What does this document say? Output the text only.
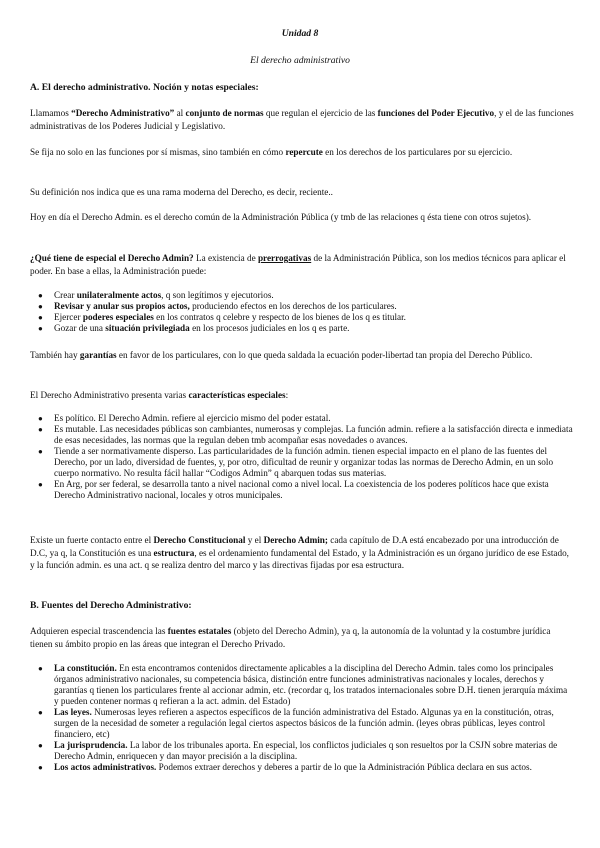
Unidad 8
El derecho administrativo
A. El derecho administrativo. Noción y notas especiales:

Llamamos “Derecho Administrativo” al conjunto de normas que regulan el ejercicio de las funciones del Poder Ejecutivo, y el de las funciones administrativas de los Poderes Judicial y Legislativo.

Se fija no solo en las funciones por sí mismas, sino también en cómo repercute en los derechos de los particulares por su ejercicio.

Su definición nos indica que es una rama moderna del Derecho, es decir, reciente..

Hoy en día el Derecho Admin. es el derecho común de la Administración Pública (y tmb de las relaciones q ésta tiene con otros sujetos).

¿Qué tiene de especial el Derecho Admin? La existencia de prerrogativas de la Administración Pública, son los medios técnicos para aplicar el poder. En base a ellas, la Administración puede:

● Crear unilateralmente actos, q son legítimos y ejecutorios.
● Revisar y anular sus propios actos, produciendo efectos en los derechos de los particulares.
● Ejercer poderes especiales en los contratos q celebre y respecto de los bienes de los q es titular.
● Gozar de una situación privilegiada en los procesos judiciales en los q es parte.

También hay garantías en favor de los particulares, con lo que queda saldada la ecuación poder-libertad tan propia del Derecho Público.

El Derecho Administrativo presenta varias características especiales:

● Es político. El Derecho Admin. refiere al ejercicio mismo del poder estatal.
● Es mutable. Las necesidades públicas son cambiantes, numerosas y complejas. La función admin. refiere a la satisfacción directa e inmediata de esas necesidades, las normas que la regulan deben tmb acompañar esas novedades o avances.
● Tiende a ser normativamente disperso. Las particularidades de la función admin. tienen especial impacto en el plano de las fuentes del Derecho, por un lado, diversidad de fuentes, y, por otro, dificultad de reunir y organizar todas las normas de Derecho Admin, en un solo cuerpo normativo. No resulta fácil hallar “Codigos Admin” q abarquen todas sus materias.
● En Arg, por ser federal, se desarrolla tanto a nivel nacional como a nivel local. La coexistencia de los poderes políticos hace que exista Derecho Administrativo nacional, locales y otros municipales.

Existe un fuerte contacto entre el Derecho Constitucional y el Derecho Admin; cada capítulo de D.A está encabezado por una introducción de D.C, ya q, la Constitución es una estructura, es el ordenamiento fundamental del Estado, y la Administración es un órgano jurídico de ese Estado, y la función admin. es una act. q se realiza dentro del marco y las directivas fijadas por esa estructura.

B. Fuentes del Derecho Administrativo:

Adquieren especial trascendencia las fuentes estatales (objeto del Derecho Admin), ya q, la autonomía de la voluntad y la costumbre jurídica tienen su ámbito propio en las áreas que integran el Derecho Privado.

● La constitución. En esta encontramos contenidos directamente aplicables a la disciplina del Derecho Admin. tales como los principales órganos administrativo nacionales, su competencia básica, distinción entre funciones administrativas nacionales y locales, derechos y garantías q tienen los particulares frente al accionar admin, etc. (recordar q, los tratados internacionales sobre D.H. tienen jerarquía máxima y pueden contener normas q refieran a la act. admin. del Estado)
● Las leyes. Numerosas leyes refieren a aspectos específicos de la función administrativa del Estado. Algunas ya en la constitución, otras, surgen de la necesidad de someter a regulación legal ciertos aspectos básicos de la función admin. (leyes obras públicas, leyes control financiero, etc)
● La jurisprudencia. La labor de los tribunales aporta. En especial, los conflictos judiciales q son resueltos por la CSJN sobre materias de Derecho Admin, enriquecen y dan mayor precisión a la disciplina.
● Los actos administrativos. Podemos extraer derechos y deberes a partir de lo que la Administración Pública declara en sus actos.
